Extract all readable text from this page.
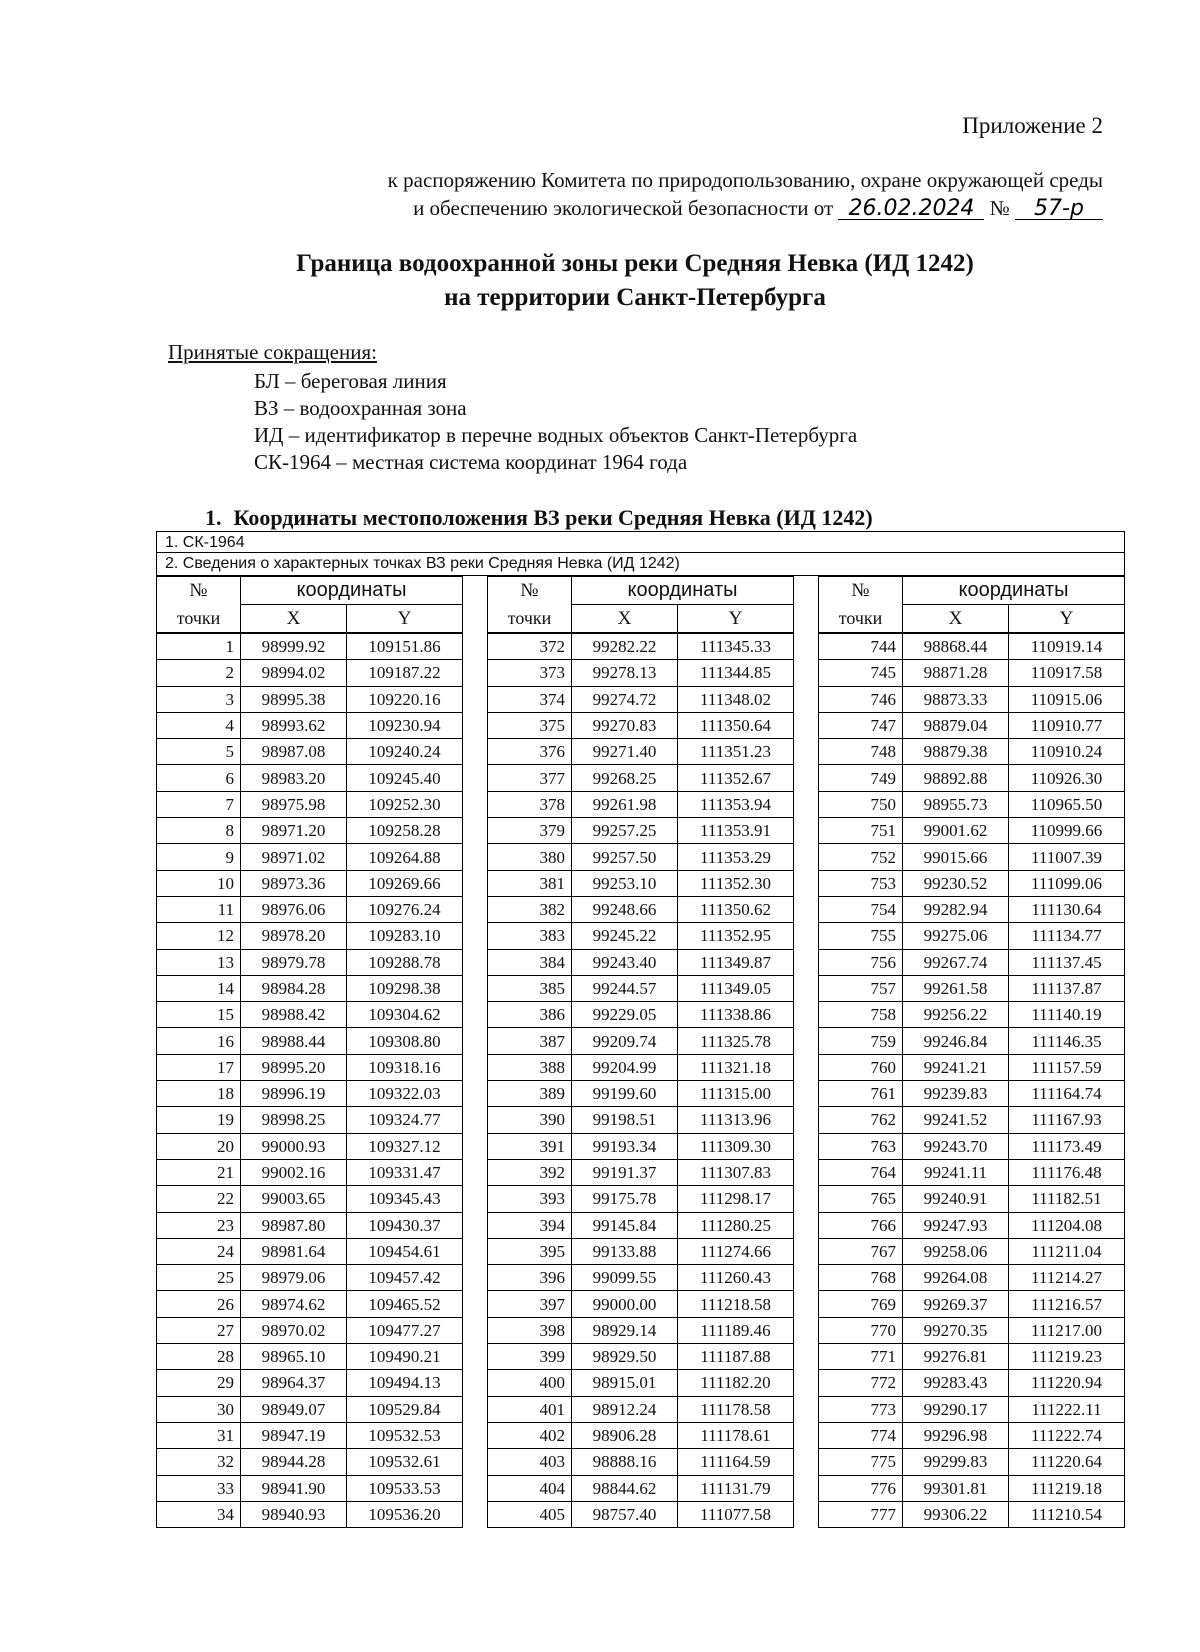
Приложение 2
к распоряжению Комитета по природопользованию, охране окружающей среды
и обеспечению экологической безопасности от 26.02.2024 № 57-р
Граница водоохранной зоны реки Средняя Невка (ИД 1242)
на территории Санкт-Петербурга
Принятые сокращения:
БЛ – береговая линия
ВЗ – водоохранная зона
ИД – идентификатор в перечне водных объектов Санкт-Петербурга
СК-1964 – местная система координат 1964 года
1. Координаты местоположения ВЗ реки Средняя Невка (ИД 1242)
1. СК-1964
2. Сведения о характерных точках ВЗ реки Средняя Невка (ИД 1242)
№	координаты	
точки	X	Y
1	98999.92	109151.86
2	98994.02	109187.22
3	98995.38	109220.16
4	98993.62	109230.94
5	98987.08	109240.24
6	98983.20	109245.40
7	98975.98	109252.30
8	98971.20	109258.28
9	98971.02	109264.88
10	98973.36	109269.66
11	98976.06	109276.24
12	98978.20	109283.10
13	98979.78	109288.78
14	98984.28	109298.38
15	98988.42	109304.62
16	98988.44	109308.80
17	98995.20	109318.16
18	98996.19	109322.03
19	98998.25	109324.77
20	99000.93	109327.12
21	99002.16	109331.47
22	99003.65	109345.43
23	98987.80	109430.37
24	98981.64	109454.61
25	98979.06	109457.42
26	98974.62	109465.52
27	98970.02	109477.27
28	98965.10	109490.21
29	98964.37	109494.13
30	98949.07	109529.84
31	98947.19	109532.53
32	98944.28	109532.61
33	98941.90	109533.53
34	98940.93	109536.20
№	координаты	
точки	X	Y
372	99282.22	111345.33
373	99278.13	111344.85
374	99274.72	111348.02
375	99270.83	111350.64
376	99271.40	111351.23
377	99268.25	111352.67
378	99261.98	111353.94
379	99257.25	111353.91
380	99257.50	111353.29
381	99253.10	111352.30
382	99248.66	111350.62
383	99245.22	111352.95
384	99243.40	111349.87
385	99244.57	111349.05
386	99229.05	111338.86
387	99209.74	111325.78
388	99204.99	111321.18
389	99199.60	111315.00
390	99198.51	111313.96
391	99193.34	111309.30
392	99191.37	111307.83
393	99175.78	111298.17
394	99145.84	111280.25
395	99133.88	111274.66
396	99099.55	111260.43
397	99000.00	111218.58
398	98929.14	111189.46
399	98929.50	111187.88
400	98915.01	111182.20
401	98912.24	111178.58
402	98906.28	111178.61
403	98888.16	111164.59
404	98844.62	111131.79
405	98757.40	111077.58
№	координаты	
точки	X	Y
744	98868.44	110919.14
745	98871.28	110917.58
746	98873.33	110915.06
747	98879.04	110910.77
748	98879.38	110910.24
749	98892.88	110926.30
750	98955.73	110965.50
751	99001.62	110999.66
752	99015.66	111007.39
753	99230.52	111099.06
754	99282.94	111130.64
755	99275.06	111134.77
756	99267.74	111137.45
757	99261.58	111137.87
758	99256.22	111140.19
759	99246.84	111146.35
760	99241.21	111157.59
761	99239.83	111164.74
762	99241.52	111167.93
763	99243.70	111173.49
764	99241.11	111176.48
765	99240.91	111182.51
766	99247.93	111204.08
767	99258.06	111211.04
768	99264.08	111214.27
769	99269.37	111216.57
770	99270.35	111217.00
771	99276.81	111219.23
772	99283.43	111220.94
773	99290.17	111222.11
774	99296.98	111222.74
775	99299.83	111220.64
776	99301.81	111219.18
777	99306.22	111210.54
